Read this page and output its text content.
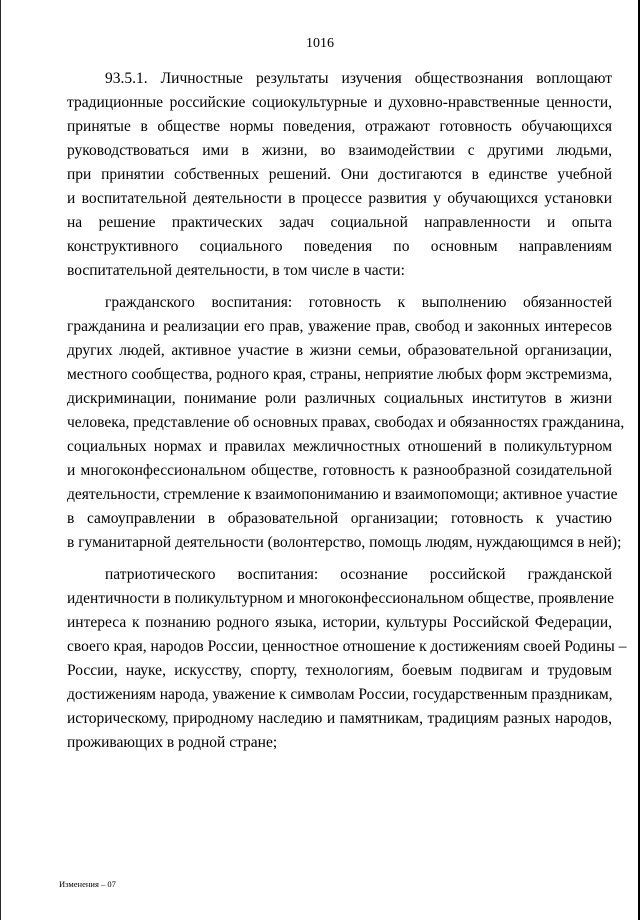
1016
93.5.1. Личностные результаты изучения обществознания воплощают
традиционные российские социокультурные и духовно-нравственные ценности,
принятые в обществе нормы поведения, отражают готовность обучающихся
руководствоваться ими в жизни, во взаимодействии с другими людьми,
при принятии собственных решений. Они достигаются в единстве учебной
и воспитательной деятельности в процессе развития у обучающихся установки
на решение практических задач социальной направленности и опыта
конструктивного социального поведения по основным направлениям
воспитательной деятельности, в том числе в части:
гражданского воспитания: готовность к выполнению обязанностей
гражданина и реализации его прав, уважение прав, свобод и законных интересов
других людей, активное участие в жизни семьи, образовательной организации,
местного сообщества, родного края, страны, неприятие любых форм экстремизма,
дискриминации, понимание роли различных социальных институтов в жизни
человека, представление об основных правах, свободах и обязанностях гражданина,
социальных нормах и правилах межличностных отношений в поликультурном
и многоконфессиональном обществе, готовность к разнообразной созидательной
деятельности, стремление к взаимопониманию и взаимопомощи; активное участие
в самоуправлении в образовательной организации; готовность к участию
в гуманитарной деятельности (волонтерство, помощь людям, нуждающимся в ней);
патриотического воспитания: осознание российской гражданской
идентичности в поликультурном и многоконфессиональном обществе, проявление
интереса к познанию родного языка, истории, культуры Российской Федерации,
своего края, народов России, ценностное отношение к достижениям своей Родины –
России, науке, искусству, спорту, технологиям, боевым подвигам и трудовым
достижениям народа, уважение к символам России, государственным праздникам,
историческому, природному наследию и памятникам, традициям разных народов,
проживающих в родной стране;
Изменения – 07
